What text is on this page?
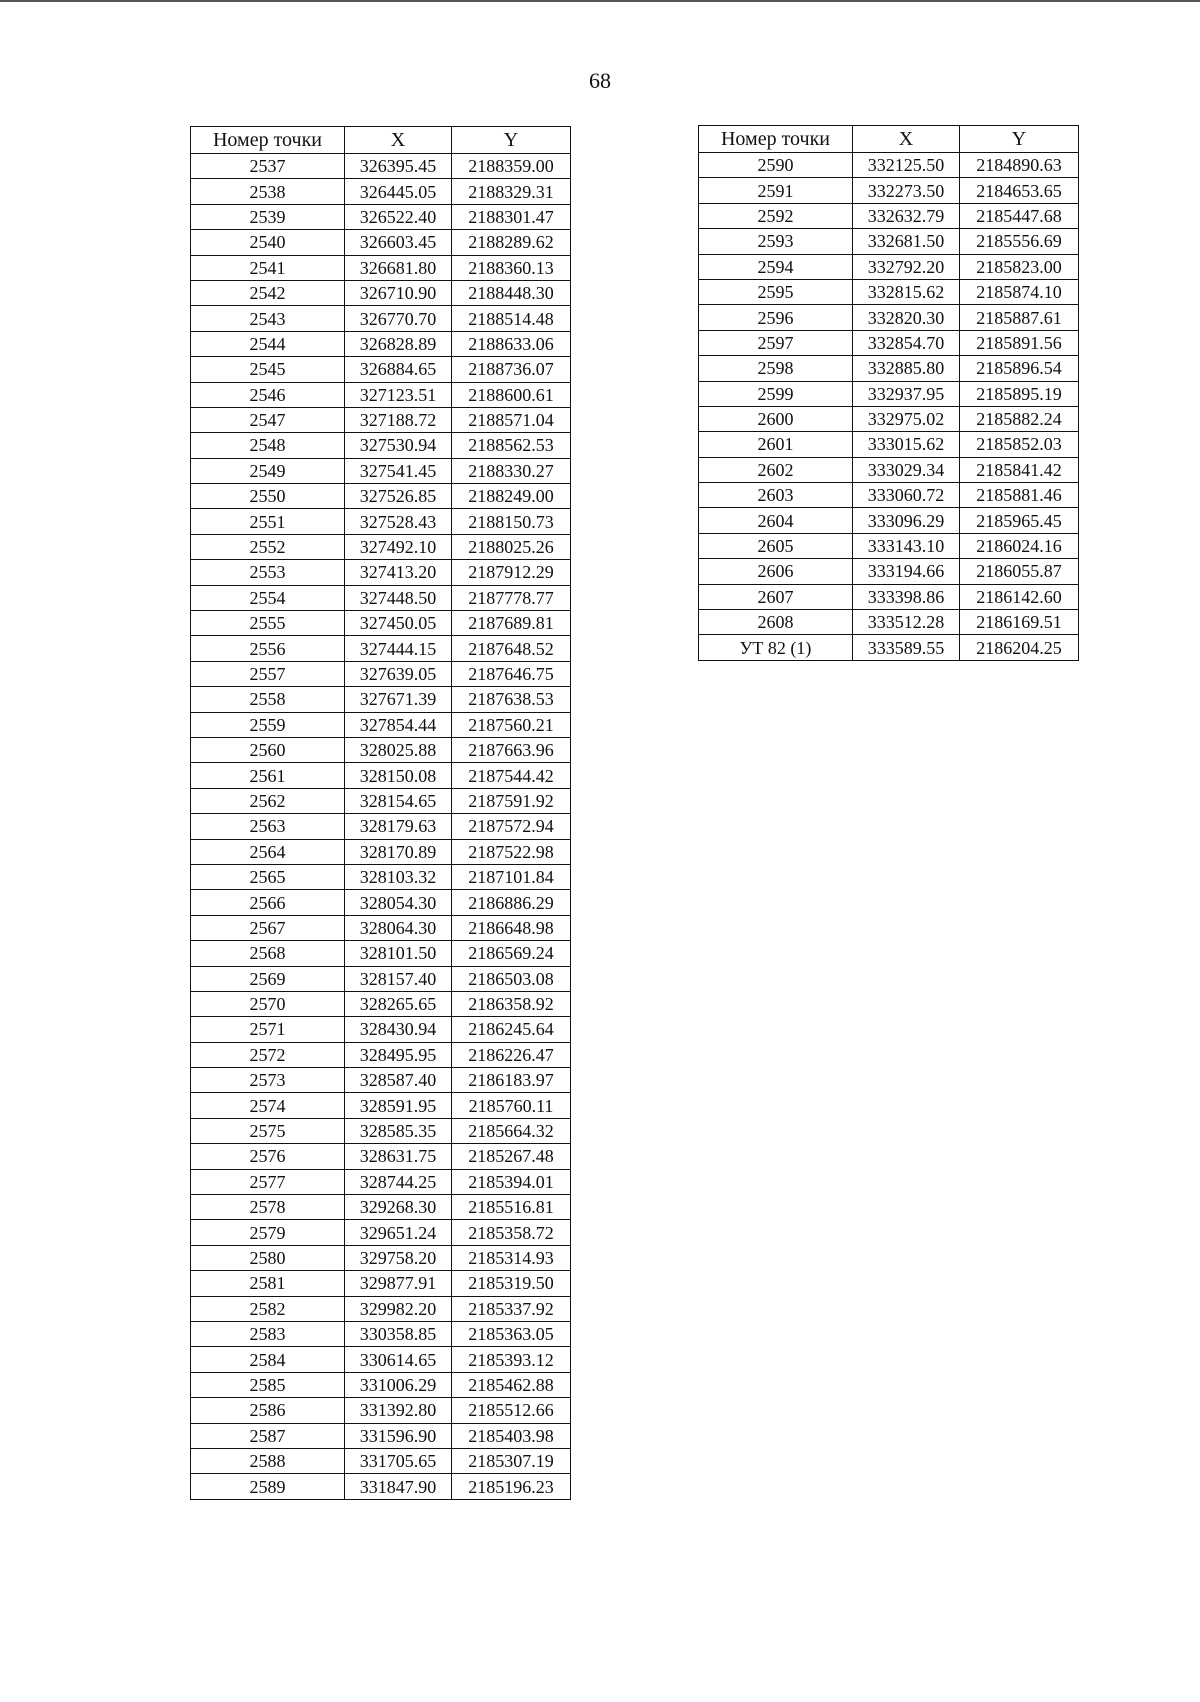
68
Номер точки	X	Y
2537	326395.45	2188359.00
2538	326445.05	2188329.31
2539	326522.40	2188301.47
2540	326603.45	2188289.62
2541	326681.80	2188360.13
2542	326710.90	2188448.30
2543	326770.70	2188514.48
2544	326828.89	2188633.06
2545	326884.65	2188736.07
2546	327123.51	2188600.61
2547	327188.72	2188571.04
2548	327530.94	2188562.53
2549	327541.45	2188330.27
2550	327526.85	2188249.00
2551	327528.43	2188150.73
2552	327492.10	2188025.26
2553	327413.20	2187912.29
2554	327448.50	2187778.77
2555	327450.05	2187689.81
2556	327444.15	2187648.52
2557	327639.05	2187646.75
2558	327671.39	2187638.53
2559	327854.44	2187560.21
2560	328025.88	2187663.96
2561	328150.08	2187544.42
2562	328154.65	2187591.92
2563	328179.63	2187572.94
2564	328170.89	2187522.98
2565	328103.32	2187101.84
2566	328054.30	2186886.29
2567	328064.30	2186648.98
2568	328101.50	2186569.24
2569	328157.40	2186503.08
2570	328265.65	2186358.92
2571	328430.94	2186245.64
2572	328495.95	2186226.47
2573	328587.40	2186183.97
2574	328591.95	2185760.11
2575	328585.35	2185664.32
2576	328631.75	2185267.48
2577	328744.25	2185394.01
2578	329268.30	2185516.81
2579	329651.24	2185358.72
2580	329758.20	2185314.93
2581	329877.91	2185319.50
2582	329982.20	2185337.92
2583	330358.85	2185363.05
2584	330614.65	2185393.12
2585	331006.29	2185462.88
2586	331392.80	2185512.66
2587	331596.90	2185403.98
2588	331705.65	2185307.19
2589	331847.90	2185196.23
Номер точки	X	Y
2590	332125.50	2184890.63
2591	332273.50	2184653.65
2592	332632.79	2185447.68
2593	332681.50	2185556.69
2594	332792.20	2185823.00
2595	332815.62	2185874.10
2596	332820.30	2185887.61
2597	332854.70	2185891.56
2598	332885.80	2185896.54
2599	332937.95	2185895.19
2600	332975.02	2185882.24
2601	333015.62	2185852.03
2602	333029.34	2185841.42
2603	333060.72	2185881.46
2604	333096.29	2185965.45
2605	333143.10	2186024.16
2606	333194.66	2186055.87
2607	333398.86	2186142.60
2608	333512.28	2186169.51
УТ 82 (1)	333589.55	2186204.25
